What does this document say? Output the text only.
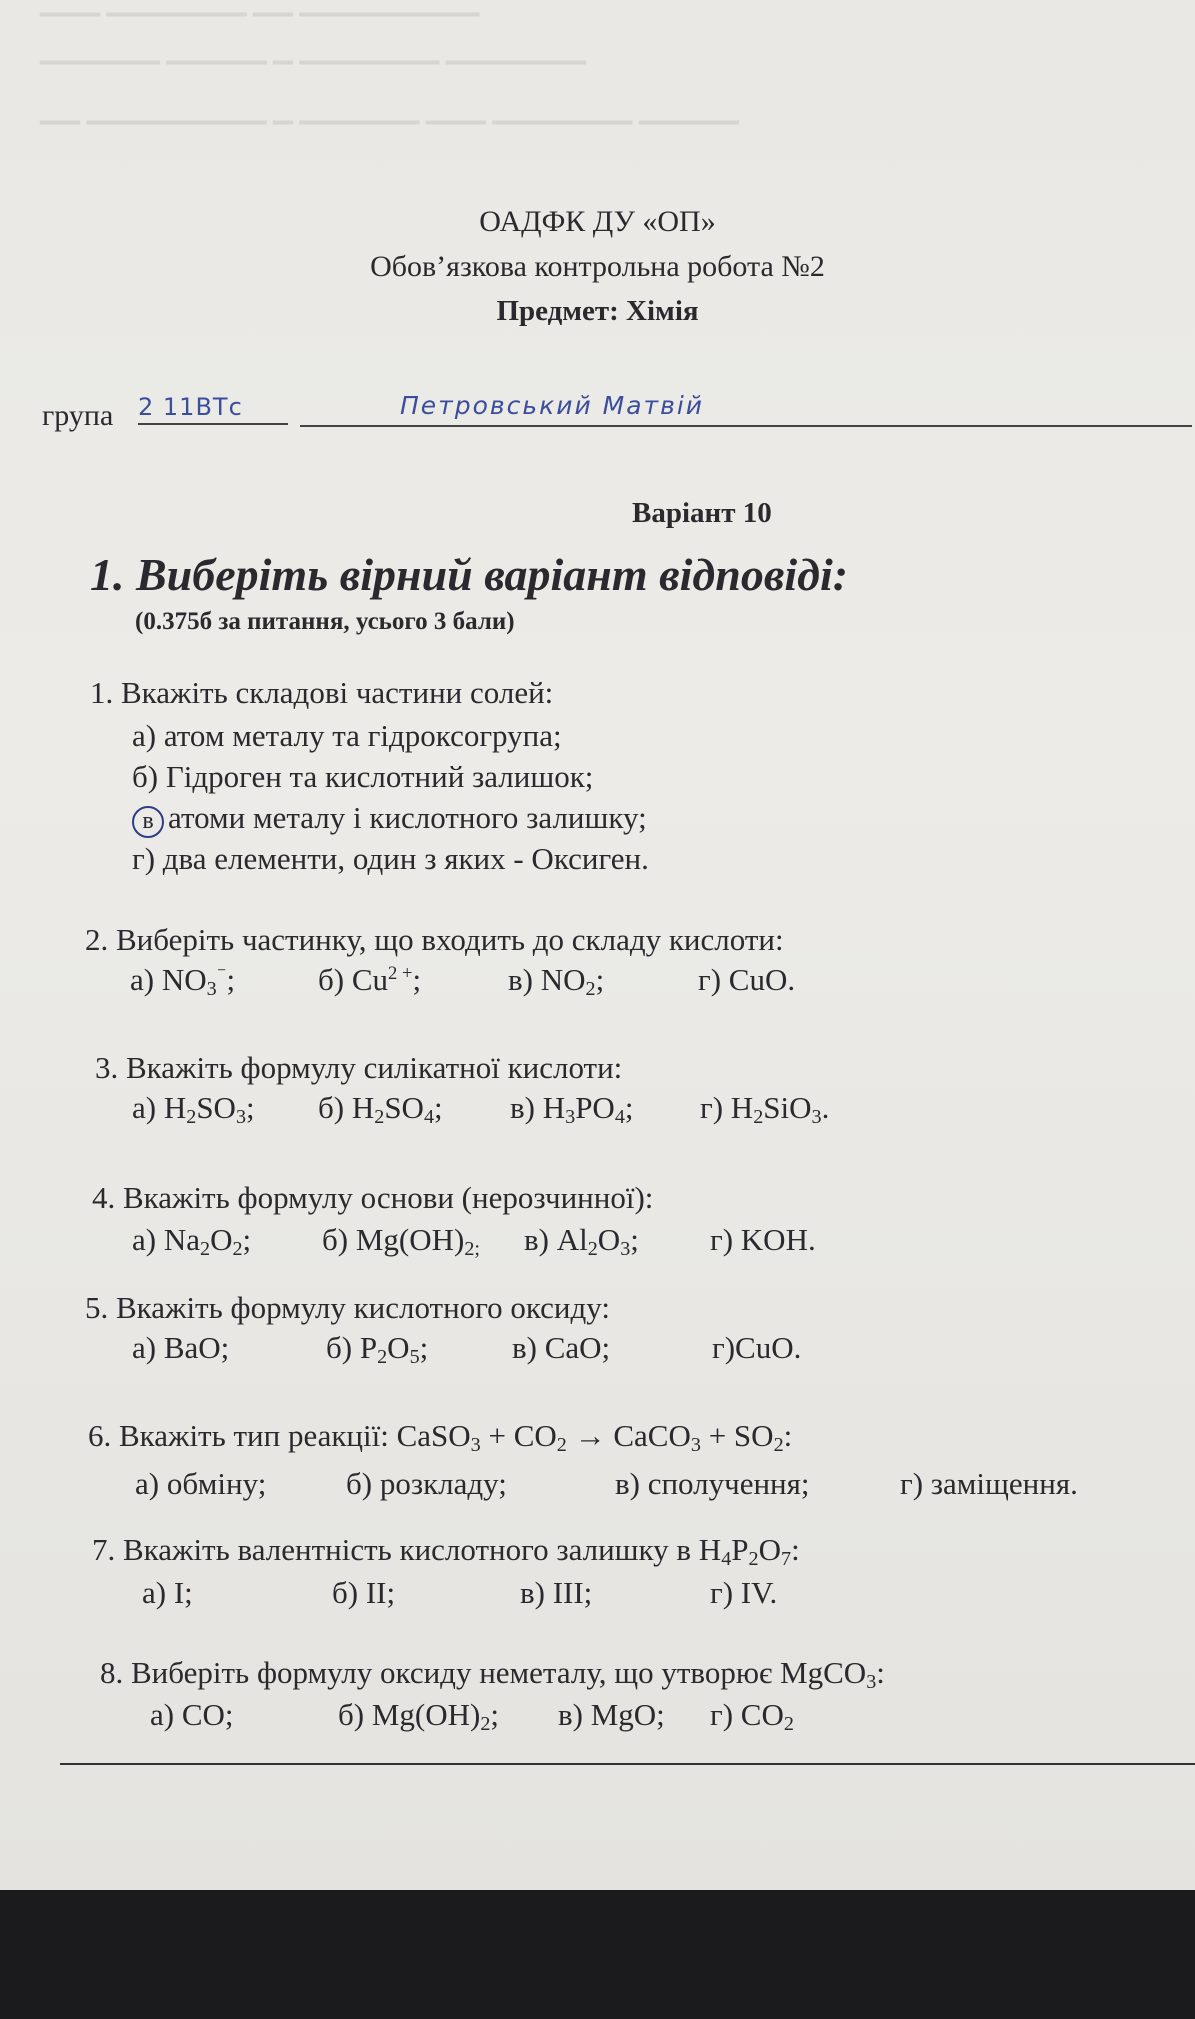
▔▔▔ ▔▔▔▔▔▔▔ ▔▔ ▔▔▔▔▔▔▔▔▔
▔▔▔▔▔▔ ▔▔▔▔▔ ▔ ▔▔▔▔▔▔▔ ▔▔▔▔▔▔▔
▔▔ ▔▔▔▔▔▔▔▔▔ ▔ ▔▔▔▔▔▔ ▔▔▔ ▔▔▔▔▔▔▔ ▔▔▔▔▔
ОАДФК ДУ «ОП»
Обов’язкова контрольна робота №2
Предмет: Хімія
група 2 11ВТс	Петровський Матвій
Варіант 10
1. Виберіть вірний варіант відповіді:
(0.375б за питання, усього 3 бали)
1. Вкажіть складові частини солей:
а) атом металу та гідроксогрупа;
б) Гідроген та кислотний залишок;
в атоми металу і кислотного залишку;
г) два елементи, один з яких - Оксиген.
2. Виберіть частинку, що входить до складу кислоти:
а) $NO_3^{^-}$;	б) $Cu^{2 +}$;	в) $NO_2$;	г) CuO.
3. Вкажіть формулу силікатної кислоти:
а) $H_2SO_3$; б) $H_2SO_4$; в) $H_3PO_4$; г) $H_2SiO_3$.
4. Вкажіть формулу основи (нерозчинної):
а) $Na_2O_2$; б) $Mg(OH)_{2;}$ в) $Al_2O_3$; г) KOH.
5. Вкажіть формулу кислотного оксиду:
а) BaO;	б) $P_2O_5$;	в) CaO;	г)CuO.
6. Вкажіть тип реакції: CaSO$_3$ + $CO_2$ → CaCO$_3$ + $SO_2$:
а) обміну;	б) розкладу;	в) сполучення;	г) заміщення.
7. Вкажіть валентність кислотного залишку в $H_4P_2O_7$:
а) I;	б) II;	в) III;	г) IV.
8. Виберіть формулу оксиду неметалу, що утворює MgCO$_3$:
а) CO;	б) $Mg(OH)_2$; в) MgO; г) $CO_2$
